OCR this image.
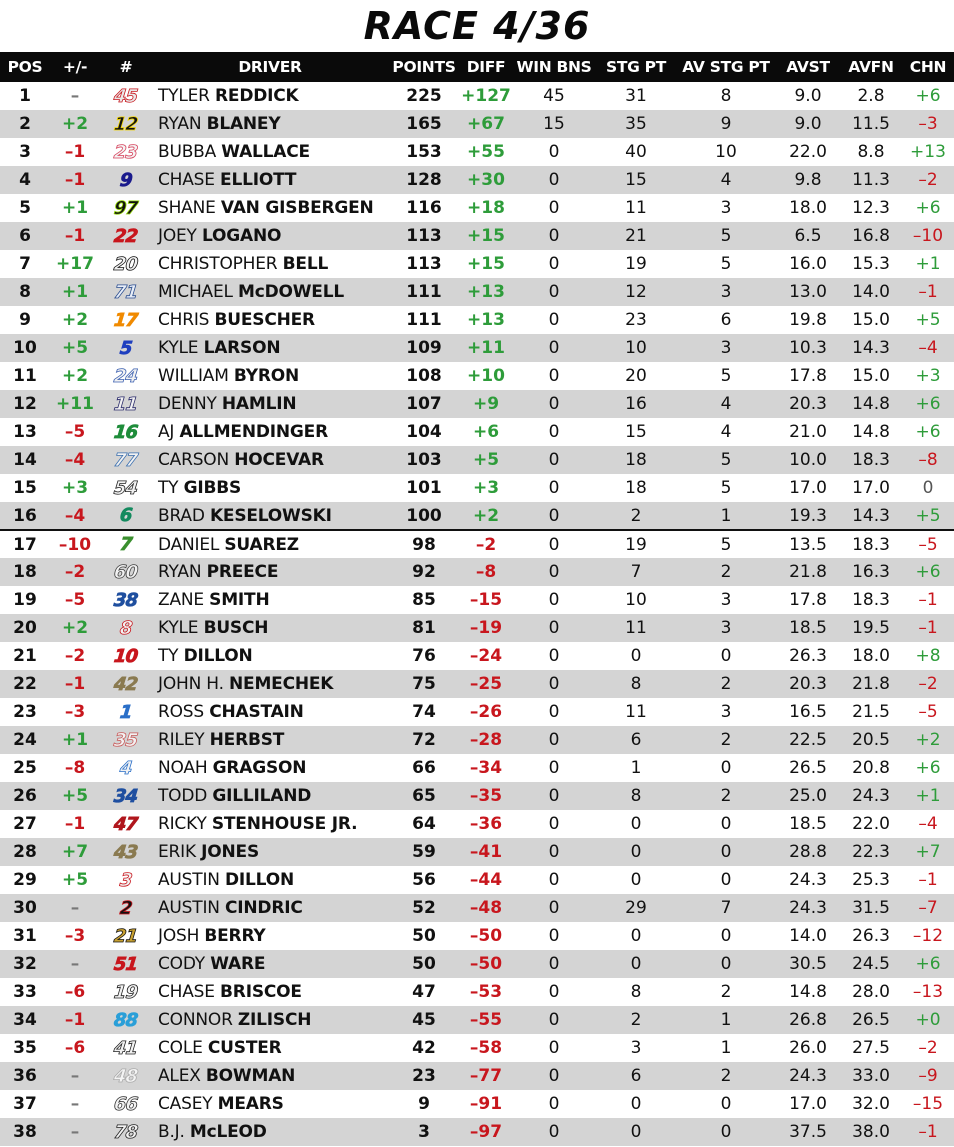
RACE 4/36
POS	+/-	#	DRIVER	POINTS	DIFF	WIN BNS	STG PT	AV STG PT	AVST	AVFN	CHN
1	–	45	TYLER REDDICK	225	+127	45	31	8	9.0	2.8	+6
2	+2	12	RYAN BLANEY	165	+67	15	35	9	9.0	11.5	–3
3	–1	23	BUBBA WALLACE	153	+55	0	40	10	22.0	8.8	+13
4	–1	9	CHASE ELLIOTT	128	+30	0	15	4	9.8	11.3	–2
5	+1	97	SHANE VAN GISBERGEN	116	+18	0	11	3	18.0	12.3	+6
6	–1	22	JOEY LOGANO	113	+15	0	21	5	6.5	16.8	–10
7	+17	20	CHRISTOPHER BELL	113	+15	0	19	5	16.0	15.3	+1
8	+1	71	MICHAEL McDOWELL	111	+13	0	12	3	13.0	14.0	–1
9	+2	17	CHRIS BUESCHER	111	+13	0	23	6	19.8	15.0	+5
10	+5	5	KYLE LARSON	109	+11	0	10	3	10.3	14.3	–4
11	+2	24	WILLIAM BYRON	108	+10	0	20	5	17.8	15.0	+3
12	+11	11	DENNY HAMLIN	107	+9	0	16	4	20.3	14.8	+6
13	–5	16	AJ ALLMENDINGER	104	+6	0	15	4	21.0	14.8	+6
14	–4	77	CARSON HOCEVAR	103	+5	0	18	5	10.0	18.3	–8
15	+3	54	TY GIBBS	101	+3	0	18	5	17.0	17.0	0
16	–4	6	BRAD KESELOWSKI	100	+2	0	2	1	19.3	14.3	+5
17	–10	7	DANIEL SUAREZ	98	–2	0	19	5	13.5	18.3	–5
18	–2	60	RYAN PREECE	92	–8	0	7	2	21.8	16.3	+6
19	–5	38	ZANE SMITH	85	–15	0	10	3	17.8	18.3	–1
20	+2	8	KYLE BUSCH	81	–19	0	11	3	18.5	19.5	–1
21	–2	10	TY DILLON	76	–24	0	0	0	26.3	18.0	+8
22	–1	42	JOHN H. NEMECHEK	75	–25	0	8	2	20.3	21.8	–2
23	–3	1	ROSS CHASTAIN	74	–26	0	11	3	16.5	21.5	–5
24	+1	35	RILEY HERBST	72	–28	0	6	2	22.5	20.5	+2
25	–8	4	NOAH GRAGSON	66	–34	0	1	0	26.5	20.8	+6
26	+5	34	TODD GILLILAND	65	–35	0	8	2	25.0	24.3	+1
27	–1	47	RICKY STENHOUSE JR.	64	–36	0	0	0	18.5	22.0	–4
28	+7	43	ERIK JONES	59	–41	0	0	0	28.8	22.3	+7
29	+5	3	AUSTIN DILLON	56	–44	0	0	0	24.3	25.3	–1
30	–	2	AUSTIN CINDRIC	52	–48	0	29	7	24.3	31.5	–7
31	–3	21	JOSH BERRY	50	–50	0	0	0	14.0	26.3	–12
32	–	51	CODY WARE	50	–50	0	0	0	30.5	24.5	+6
33	–6	19	CHASE BRISCOE	47	–53	0	8	2	14.8	28.0	–13
34	–1	88	CONNOR ZILISCH	45	–55	0	2	1	26.8	26.5	+0
35	–6	41	COLE CUSTER	42	–58	0	3	1	26.0	27.5	–2
36	–	48	ALEX BOWMAN	23	–77	0	6	2	24.3	33.0	–9
37	–	66	CASEY MEARS	9	–91	0	0	0	17.0	32.0	–15
38	–	78	B.J. McLEOD	3	–97	0	0	0	37.5	38.0	–1
